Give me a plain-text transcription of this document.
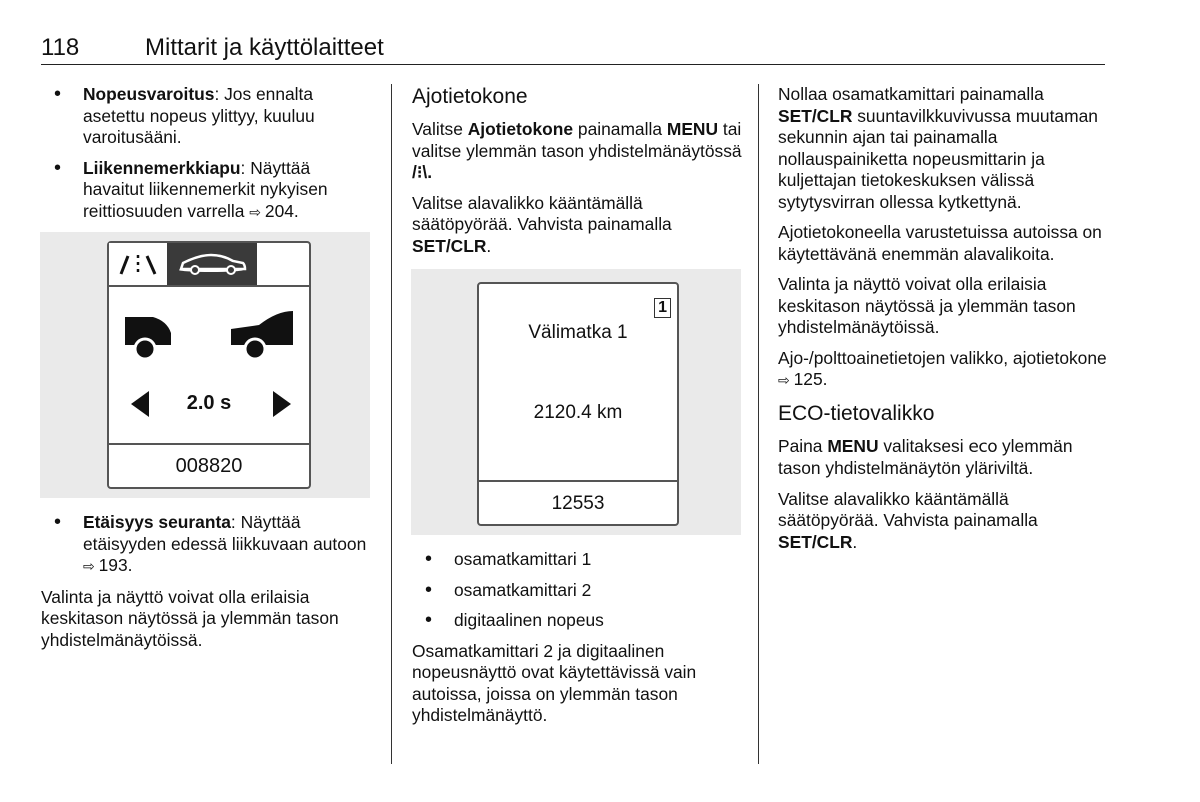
118	Mittarit ja käyttölaitteet
• Nopeusvaroitus: Jos ennalta asetettu nopeus ylittyy, kuuluu varoitusääni.
• Liikennemerkkiapu: Näyttää havaitut liikennemerkit nykyisen reittiosuuden varrella ⇨ 204.
2.0 s
008820
• Etäisyys seuranta: Näyttää etäisyyden edessä liikkuvaan autoon ⇨ 193.

Valinta ja näyttö voivat olla erilaisia keskitason näytössä ja ylemmän tason yhdistelmänäytöissä.

Ajotietokone

Valitse Ajotietokone painamalla MENU tai valitse ylemmän tason yhdistelmänäytössä /⁝\.

Valitse alavalikko kääntämällä säätöpyörää. Vahvista painamalla SET/CLR.

1
Välimatka 1
2120.4 km
12553
• osamatkamittari 1
• osamatkamittari 2
• digitaalinen nopeus

Osamatkamittari 2 ja digitaalinen nopeusnäyttö ovat käytettävissä vain autoissa, joissa on ylemmän tason yhdistelmänäyttö.

Nollaa osamatkamittari painamalla SET/CLR suuntavilkkuvivussa muutaman sekunnin ajan tai painamalla nollauspainiketta nopeusmittarin ja kuljettajan tietokeskuksen välissä sytytysvirran ollessa kytkettynä.

Ajotietokoneella varustetuissa autoissa on käytettävänä enemmän alavalikoita.

Valinta ja näyttö voivat olla erilaisia keskitason näytössä ja ylemmän tason yhdistelmänäytöissä.

Ajo-/polttoainetietojen valikko, ajotietokone ⇨ 125.

ECO-tietovalikko

Paina MENU valitaksesi eco ylemmän tason yhdistelmänäytön yläriviltä.

Valitse alavalikko kääntämällä säätöpyörää. Vahvista painamalla SET/CLR.
